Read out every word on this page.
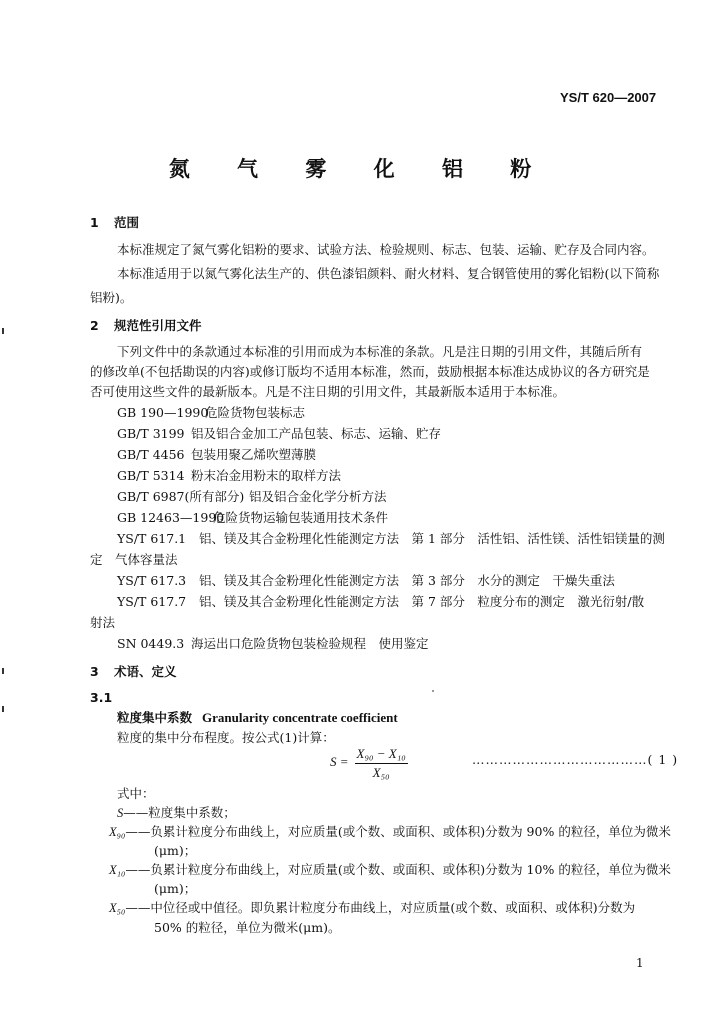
YS/T 620—2007
氮 气 雾 化 铝 粉
1 范围
本标准规定了氮气雾化铝粉的要求、试验方法、检验规则、标志、包装、运输、贮存及合同内容。
本标准适用于以氮气雾化法生产的、供色漆铝颜料、耐火材料、复合钢管使用的雾化铝粉(以下简称
铝粉)。
2 规范性引用文件
下列文件中的条款通过本标准的引用而成为本标准的条款。凡是注日期的引用文件，其随后所有
的修改单(不包括勘误的内容)或修订版均不适用本标准，然而，鼓励根据本标准达成协议的各方研究是
否可使用这些文件的最新版本。凡是不注日期的引用文件，其最新版本适用于本标准。
GB 190—1990危险货物包装标志
GB/T 3199 铝及铝合金加工产品包装、标志、运输、贮存
GB/T 4456 包装用聚乙烯吹塑薄膜
GB/T 5314 粉末冶金用粉末的取样方法
GB/T 6987(所有部分) 铝及铝合金化学分析方法
GB 12463—1990危险货物运输包装通用技术条件
YS/T 617.1 铝、镁及其合金粉理化性能测定方法　第 1 部分　活性铝、活性镁、活性铝镁量的测
定　气体容量法
YS/T 617.3 铝、镁及其合金粉理化性能测定方法　第 3 部分　水分的测定　干燥失重法
YS/T 617.7 铝、镁及其合金粉理化性能测定方法　第 7 部分　粒度分布的测定　激光衍射/散
射法
SN 0449.3 海运出口危险货物包装检验规程　使用鉴定
3 术语、定义
3.1
粒度集中系数 Granularity concentrate coefficient
粒度的集中分布程度。按公式(1)计算：
$S = \frac{\text{X₉₀ − X₁₀}}{\text{X₅₀}}$	…………………………………( 1 )
式中：
S——粒度集中系数；
X₉₀——负累计粒度分布曲线上，对应质量(或个数、或面积、或体积)分数为 90% 的粒径，单位为微米
(μm)；
X₁₀——负累计粒度分布曲线上，对应质量(或个数、或面积、或体积)分数为 10% 的粒径，单位为微米
(μm)；
X₅₀——中位径或中值径。即负累计粒度分布曲线上，对应质量(或个数、或面积、或体积)分数为
50% 的粒径，单位为微米(μm)。
1
